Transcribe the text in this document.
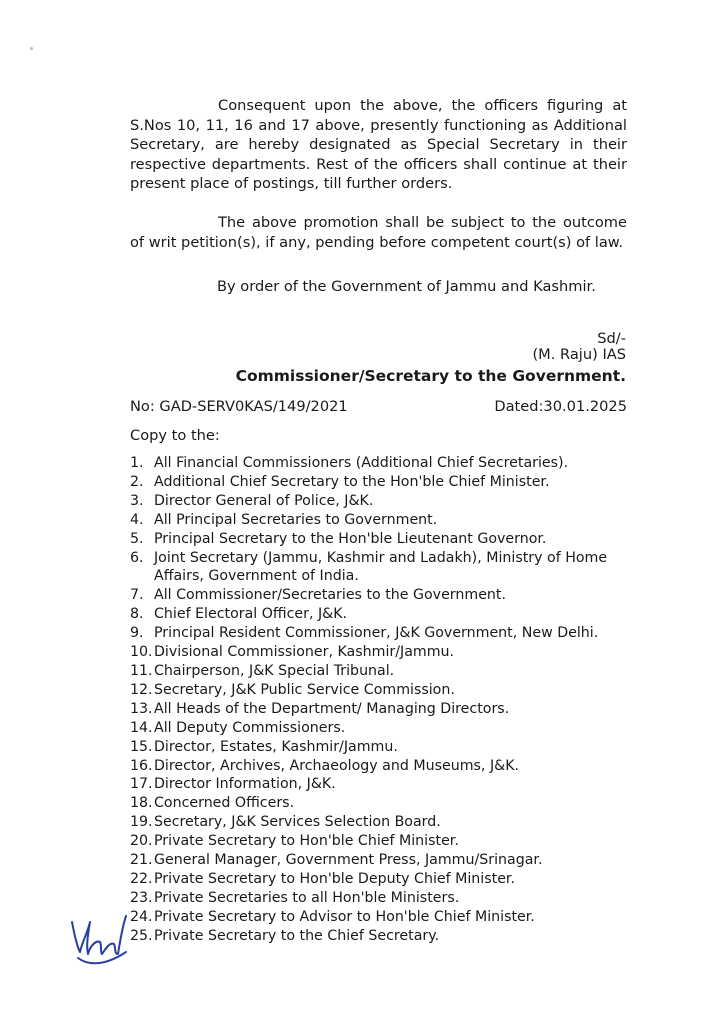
Consequent upon the above, the officers figuring at S.Nos 10, 11, 16 and 17 above, presently functioning as Additional Secretary, are hereby designated as Special Secretary in their respective departments. Rest of the officers shall continue at their present place of postings, till further orders.
The above promotion shall be subject to the outcome of writ petition(s), if any, pending before competent court(s) of law.
By order of the Government of Jammu and Kashmir.
Sd/-
(M. Raju) IAS
Commissioner/Secretary to the Government.
No: GAD-SERV0KAS/149/2021	Dated:30.01.2025
Copy to the:
1. All Financial Commissioners (Additional Chief Secretaries).
2. Additional Chief Secretary to the Hon'ble Chief Minister.
3. Director General of Police, J&K.
4. All Principal Secretaries to Government.
5. Principal Secretary to the Hon'ble Lieutenant Governor.
6. Joint Secretary (Jammu, Kashmir and Ladakh), Ministry of Home Affairs, Government of India.
7. All Commissioner/Secretaries to the Government.
8. Chief Electoral Officer, J&K.
9. Principal Resident Commissioner, J&K Government, New Delhi.
10. Divisional Commissioner, Kashmir/Jammu.
11. Chairperson, J&K Special Tribunal.
12. Secretary, J&K Public Service Commission.
13. All Heads of the Department/ Managing Directors.
14. All Deputy Commissioners.
15. Director, Estates, Kashmir/Jammu.
16. Director, Archives, Archaeology and Museums, J&K.
17. Director Information, J&K.
18. Concerned Officers.
19. Secretary, J&K Services Selection Board.
20. Private Secretary to Hon'ble Chief Minister.
21. General Manager, Government Press, Jammu/Srinagar.
22. Private Secretary to Hon'ble Deputy Chief Minister.
23. Private Secretaries to all Hon'ble Ministers.
24. Private Secretary to Advisor to Hon'ble Chief Minister.
25. Private Secretary to the Chief Secretary.
